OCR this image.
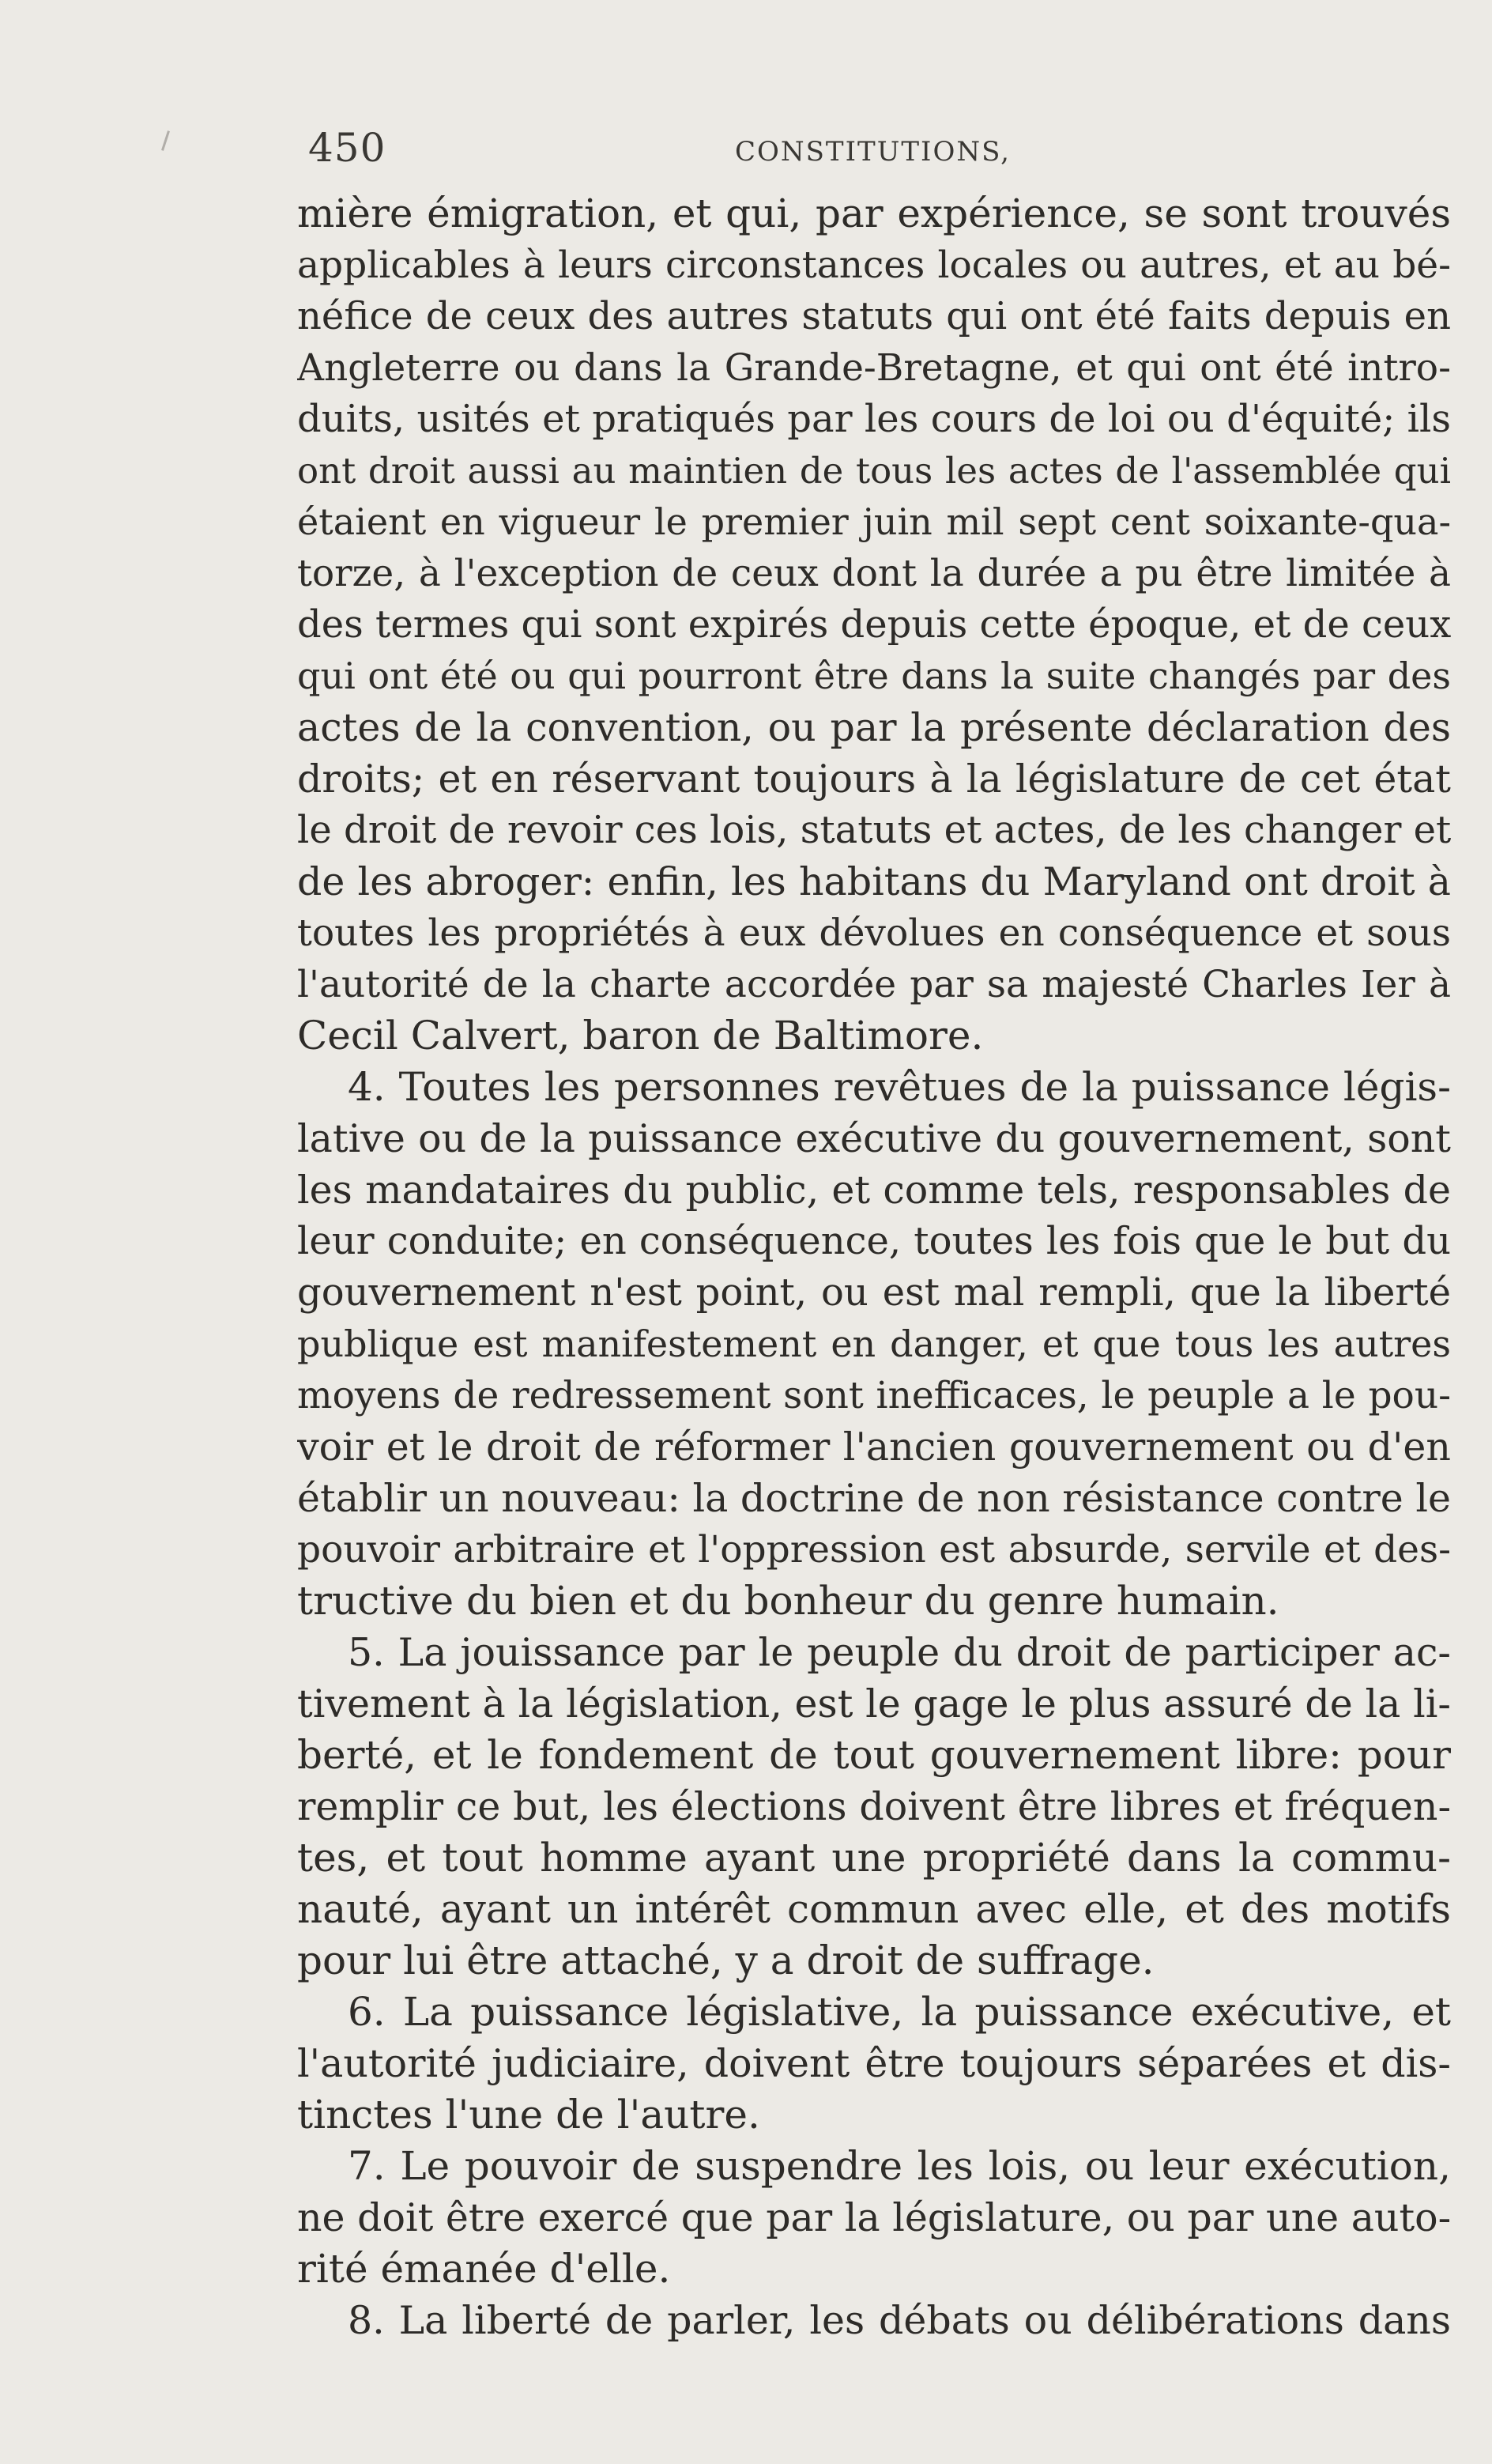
450	CONSTITUTIONS,
mière émigration, et qui, par expérience, se sont trouvés
applicables à leurs circonstances locales ou autres, et au bé-
néfice de ceux des autres statuts qui ont été faits depuis en
Angleterre ou dans la Grande-Bretagne, et qui ont été intro-
duits, usités et pratiqués par les cours de loi ou d'équité; ils
ont droit aussi au maintien de tous les actes de l'assemblée qui
étaient en vigueur le premier juin mil sept cent soixante-qua-
torze, à l'exception de ceux dont la durée a pu être limitée à
des termes qui sont expirés depuis cette époque, et de ceux
qui ont été ou qui pourront être dans la suite changés par des
actes de la convention, ou par la présente déclaration des
droits; et en réservant toujours à la législature de cet état
le droit de revoir ces lois, statuts et actes, de les changer et
de les abroger: enfin, les habitans du Maryland ont droit à
toutes les propriétés à eux dévolues en conséquence et sous
l'autorité de la charte accordée par sa majesté Charles Ier à
Cecil Calvert, baron de Baltimore.
4. Toutes les personnes revêtues de la puissance légis-
lative ou de la puissance exécutive du gouvernement, sont
les mandataires du public, et comme tels, responsables de
leur conduite; en conséquence, toutes les fois que le but du
gouvernement n'est point, ou est mal rempli, que la liberté
publique est manifestement en danger, et que tous les autres
moyens de redressement sont inefficaces, le peuple a le pou-
voir et le droit de réformer l'ancien gouvernement ou d'en
établir un nouveau: la doctrine de non résistance contre le
pouvoir arbitraire et l'oppression est absurde, servile et des-
tructive du bien et du bonheur du genre humain.
5. La jouissance par le peuple du droit de participer ac-
tivement à la législation, est le gage le plus assuré de la li-
berté, et le fondement de tout gouvernement libre: pour
remplir ce but, les élections doivent être libres et fréquen-
tes, et tout homme ayant une propriété dans la commu-
nauté, ayant un intérêt commun avec elle, et des motifs
pour lui être attaché, y a droit de suffrage.
6. La puissance législative, la puissance exécutive, et
l'autorité judiciaire, doivent être toujours séparées et dis-
tinctes l'une de l'autre.
7. Le pouvoir de suspendre les lois, ou leur exécution,
ne doit être exercé que par la législature, ou par une auto-
rité émanée d'elle.
8. La liberté de parler, les débats ou délibérations dans
